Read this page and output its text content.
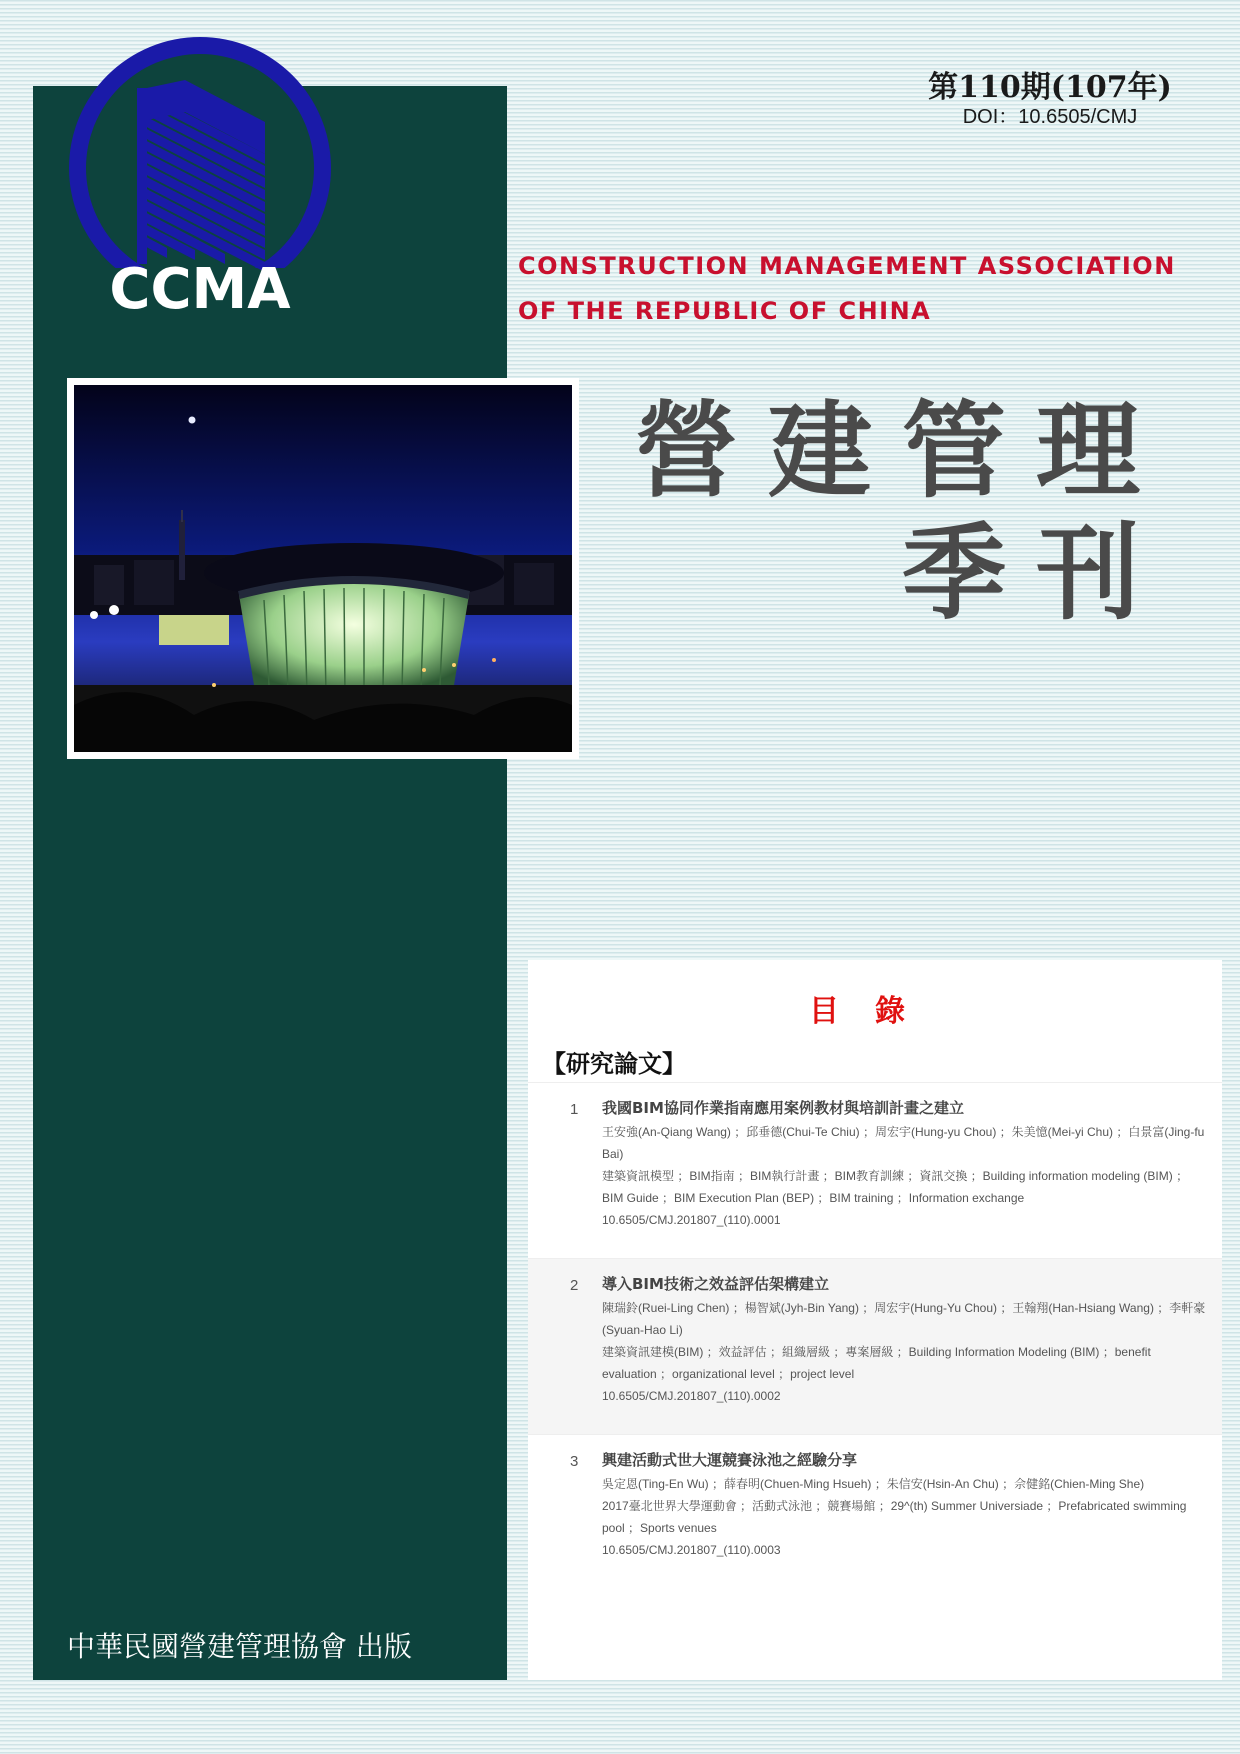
CCMA
第110期(107年)
DOI：10.6505/CMJ
CONSTRUCTION MANAGEMENT ASSOCIATION
OF THE REPUBLIC OF CHINA
營建管理
季刊
目錄
【研究論文】
1 我國BIM協同作業指南應用案例教材與培訓計畫之建立
王安強(An-Qiang Wang) ；邱垂德(Chui-Te Chiu) ；周宏宇(Hung-yu Chou) ；朱美憶(Mei-yi Chu) ；白景富(Jing-fu Bai)
建築資訊模型 ；BIM指南 ；BIM執行計畫 ；BIM教育訓練 ；資訊交換 ；Building information modeling (BIM) ；BIM Guide ；BIM Execution Plan (BEP) ；BIM training ；Information exchange
10.6505/CMJ.201807_(110).0001
2 導入BIM技術之效益評估架構建立
陳瑞鈴(Ruei-Ling Chen) ；楊智斌(Jyh-Bin Yang) ；周宏宇(Hung-Yu Chou) ；王翰翔(Han-Hsiang Wang) ；李軒豪(Syuan-Hao Li)
建築資訊建模(BIM) ；效益評估 ；組織層級 ；專案層級 ；Building Information Modeling (BIM) ；benefit evaluation ；organizational level ；project level
10.6505/CMJ.201807_(110).0002
3 興建活動式世大運競賽泳池之經驗分享
吳定恩(Ting-En Wu) ；薛春明(Chuen-Ming Hsueh) ；朱信安(Hsin-An Chu) ；佘健銘(Chien-Ming She)
2017臺北世界大學運動會 ；活動式泳池 ；競賽場館 ；29^(th) Summer Universiade ；Prefabricated swimming pool ；Sports venues
10.6505/CMJ.201807_(110).0003
中華民國營建管理協會 出版
